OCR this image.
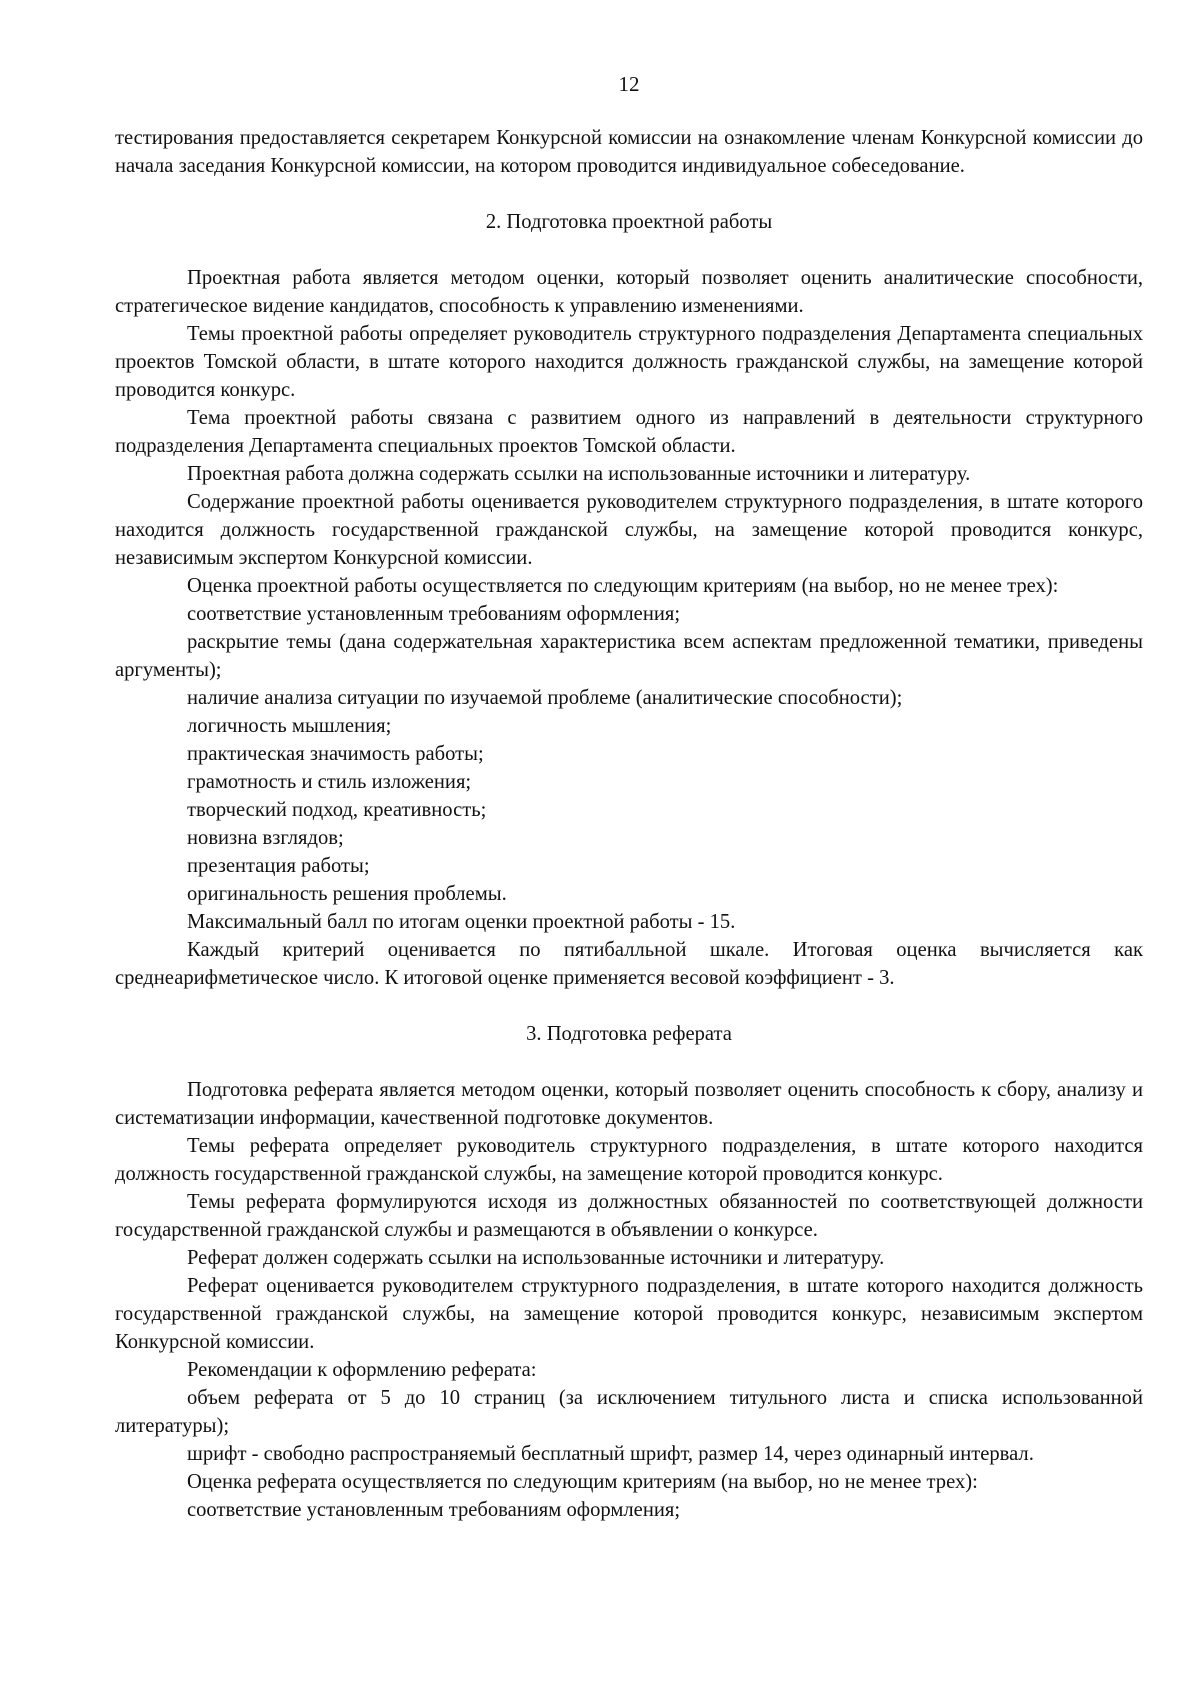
12

тестирования предоставляется секретарем Конкурсной комиссии на ознакомление членам Конкурсной комиссии до начала заседания Конкурсной комиссии, на котором проводится индивидуальное собеседование.

2. Подготовка проектной работы

Проектная работа является методом оценки, который позволяет оценить аналитические способности, стратегическое видение кандидатов, способность к управлению изменениями.

Темы проектной работы определяет руководитель структурного подразделения Департамента специальных проектов Томской области, в штате которого находится должность гражданской службы, на замещение которой проводится конкурс.

Тема проектной работы связана с развитием одного из направлений в деятельности структурного подразделения Департамента специальных проектов Томской области.

Проектная работа должна содержать ссылки на использованные источники и литературу.

Содержание проектной работы оценивается руководителем структурного подразделения, в штате которого находится должность государственной гражданской службы, на замещение которой проводится конкурс, независимым экспертом Конкурсной комиссии.

Оценка проектной работы осуществляется по следующим критериям (на выбор, но не менее трех):

соответствие установленным требованиям оформления;

раскрытие темы (дана содержательная характеристика всем аспектам предложенной тематики, приведены аргументы);

наличие анализа ситуации по изучаемой проблеме (аналитические способности);

логичность мышления;

практическая значимость работы;

грамотность и стиль изложения;

творческий подход, креативность;

новизна взглядов;

презентация работы;

оригинальность решения проблемы.

Максимальный балл по итогам оценки проектной работы - 15.

Каждый критерий оценивается по пятибалльной шкале. Итоговая оценка вычисляется как среднеарифметическое число. К итоговой оценке применяется весовой коэффициент - 3.

3. Подготовка реферата

Подготовка реферата является методом оценки, который позволяет оценить способность к сбору, анализу и систематизации информации, качественной подготовке документов.

Темы реферата определяет руководитель структурного подразделения, в штате которого находится должность государственной гражданской службы, на замещение которой проводится конкурс.

Темы реферата формулируются исходя из должностных обязанностей по соответствующей должности государственной гражданской службы и размещаются в объявлении о конкурсе.

Реферат должен содержать ссылки на использованные источники и литературу.

Реферат оценивается руководителем структурного подразделения, в штате которого находится должность государственной гражданской службы, на замещение которой проводится конкурс, независимым экспертом Конкурсной комиссии.

Рекомендации к оформлению реферата:

объем реферата от 5 до 10 страниц (за исключением титульного листа и списка использованной литературы);

шрифт - свободно распространяемый бесплатный шрифт, размер 14, через одинарный интервал.

Оценка реферата осуществляется по следующим критериям (на выбор, но не менее трех):

соответствие установленным требованиям оформления;
